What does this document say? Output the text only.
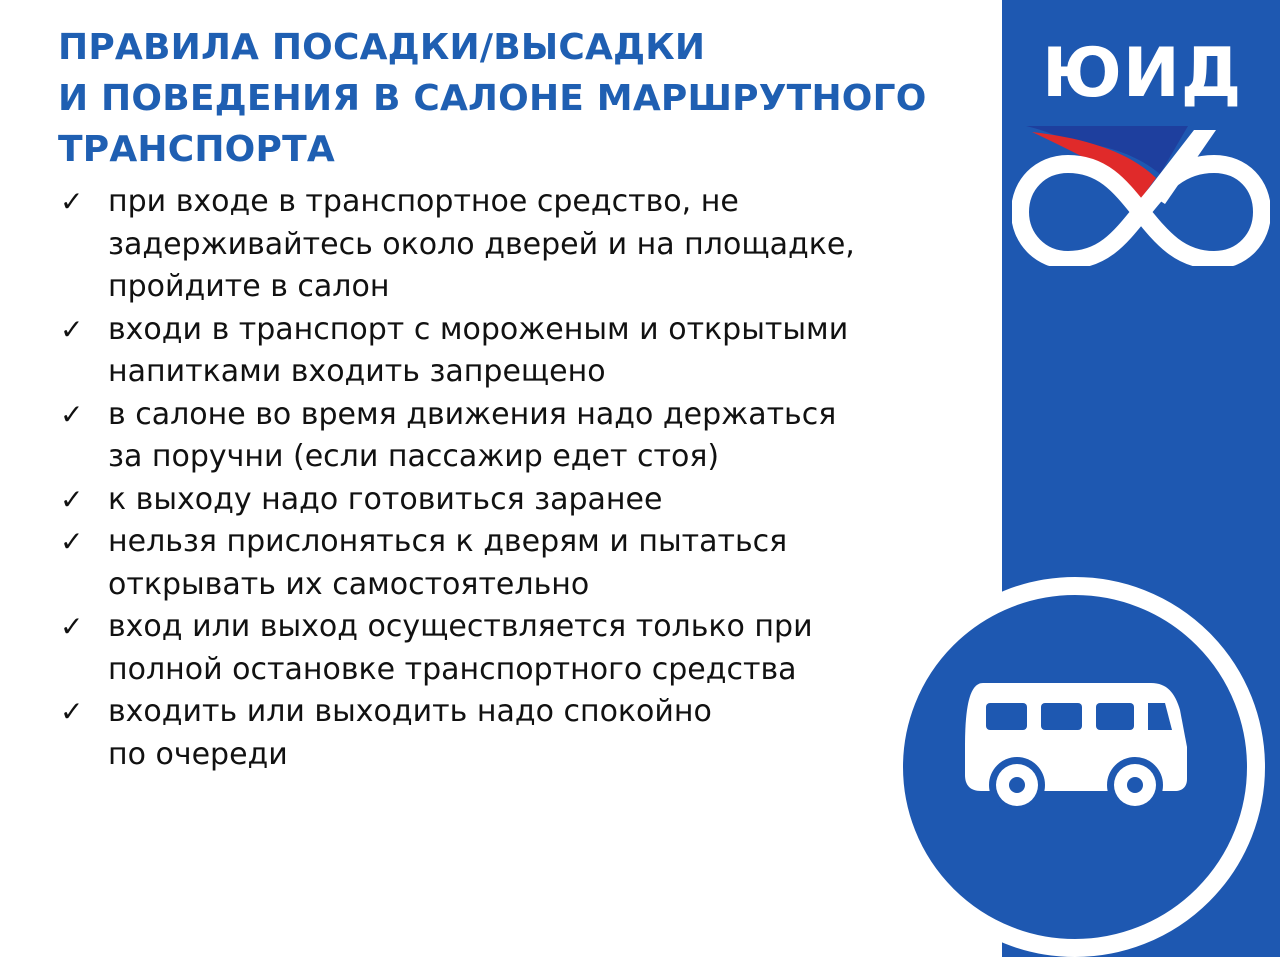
ПРАВИЛА ПОСАДКИ/ВЫСАДКИ
И ПОВЕДЕНИЯ В САЛОНЕ МАРШРУТНОГО
ТРАНСПОРТА
✓ при входе в транспортное средство, не
задерживайтесь около дверей и на площадке,
пройдите в салон
✓ входи в транспорт с мороженым и открытыми
напитками входить запрещено
✓ в салоне во время движения надо держаться
за поручни (если пассажир едет стоя)
✓ к выходу надо готовиться заранее
✓ нельзя прислоняться к дверям и пытаться
открывать их самостоятельно
✓ вход или выход осуществляется только при
полной остановке транспортного средства
✓ входить или выходить надо спокойно
по очереди
ЮИД
